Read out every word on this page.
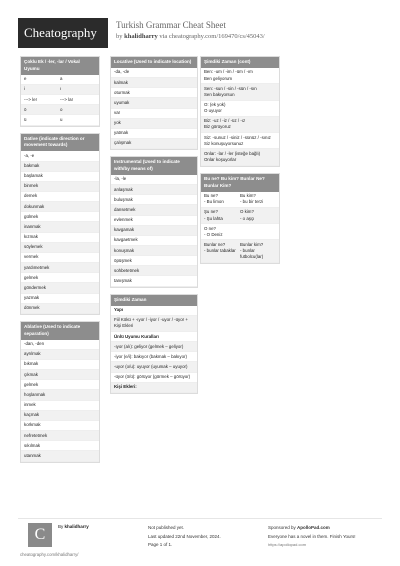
Cheatography	Turkish Grammar Cheat Sheet
by khalidharry via cheatography.com/169470/cs/45043/
Çoklu Ek / -ler, -lar / Vokal Uyumu
e	a
i	ı
---> ler	---> lar
ö	o
ü	u
Dative (indicate direction or movement towards)
-a, -e
bakmak
başlamak
binmek
demek
dokunmak
gülmek
inanmak
kızmak
söylemek
vermek
yardımetmek
gelmek
göndermek
yazmak
dönmek
Ablative (Used to indicate separation)
-dan, -den
ayrılmak
bıkmak
çıkmak
gelmek
hoşlanmak
inmek
kaçmak
korkmak
nefretetmek
sıkılmak
utanmak
Locative (Used to indicate location)
-da, -de
kalmak
oturmak
uyumak
var
yok
yatmak
çalışmak
Instrumental (Used to indicate with/by means of)
-la, -le
anlaşmak
buluşmak
dansetmek
evlenmek
kavgamak
kavgaetmek
konuşmak
öpüşmek
sohbetetmek
tanışmak
Şimdiki Zaman
Yapı
Fiil Kökü + -ıyor / -iyor / -uyor / -üyor + Kişi Ekleri
Ünlü Uyumu Kuralları
-ıyor (a/ı): geliyor (gelmek – geliyor)
-iyor (e/i): bakıyor (bakmak – bakıyor)
-uyor (o/u): uyuyor (uyumak – uyuyor)
-üyor (ö/ü): görüyor (görmek – görüyor)
Kişi Ekleri:
Şimdiki Zaman (cont)
Ben: -um / -im / -üm / -ım
Ben geliyorum
Sen: -sun / -sin / -sün / -sın
Sen bakıyorsun
O: (ek yok)
O uyuyor
Biz: -uz / -iz / -üz / -ız
Biz görüyoruz
Siz: -sunuz / -siniz / -sünüz / -sınız
Siz konuşuyorsunuz
Onlar: -lar / -ler (isteğe bağlı)
Onlar koşuyorlar
Bu ne? Bu kim? Bunlar Ne? Bunlar Kim?
Bu ne?
- Bu limon
Bu kim?
- bu bir terzi
Şu ne?
- Şu lahta
O kim?
- o aşçı
O ne?
- O Deniz
Bunlar ne?
- bunlar tabaklar
Bunlar kim?
- bunlar futbolcu(lar)
C	By khalidharry
cheatography.com/khalidharry/
Not published yet.
Last updated 22nd November, 2024.
Page 1 of 1.
Sponsored by ApolloPad.com
Everyone has a novel in them. Finish Yours!
https://apollopad.com
